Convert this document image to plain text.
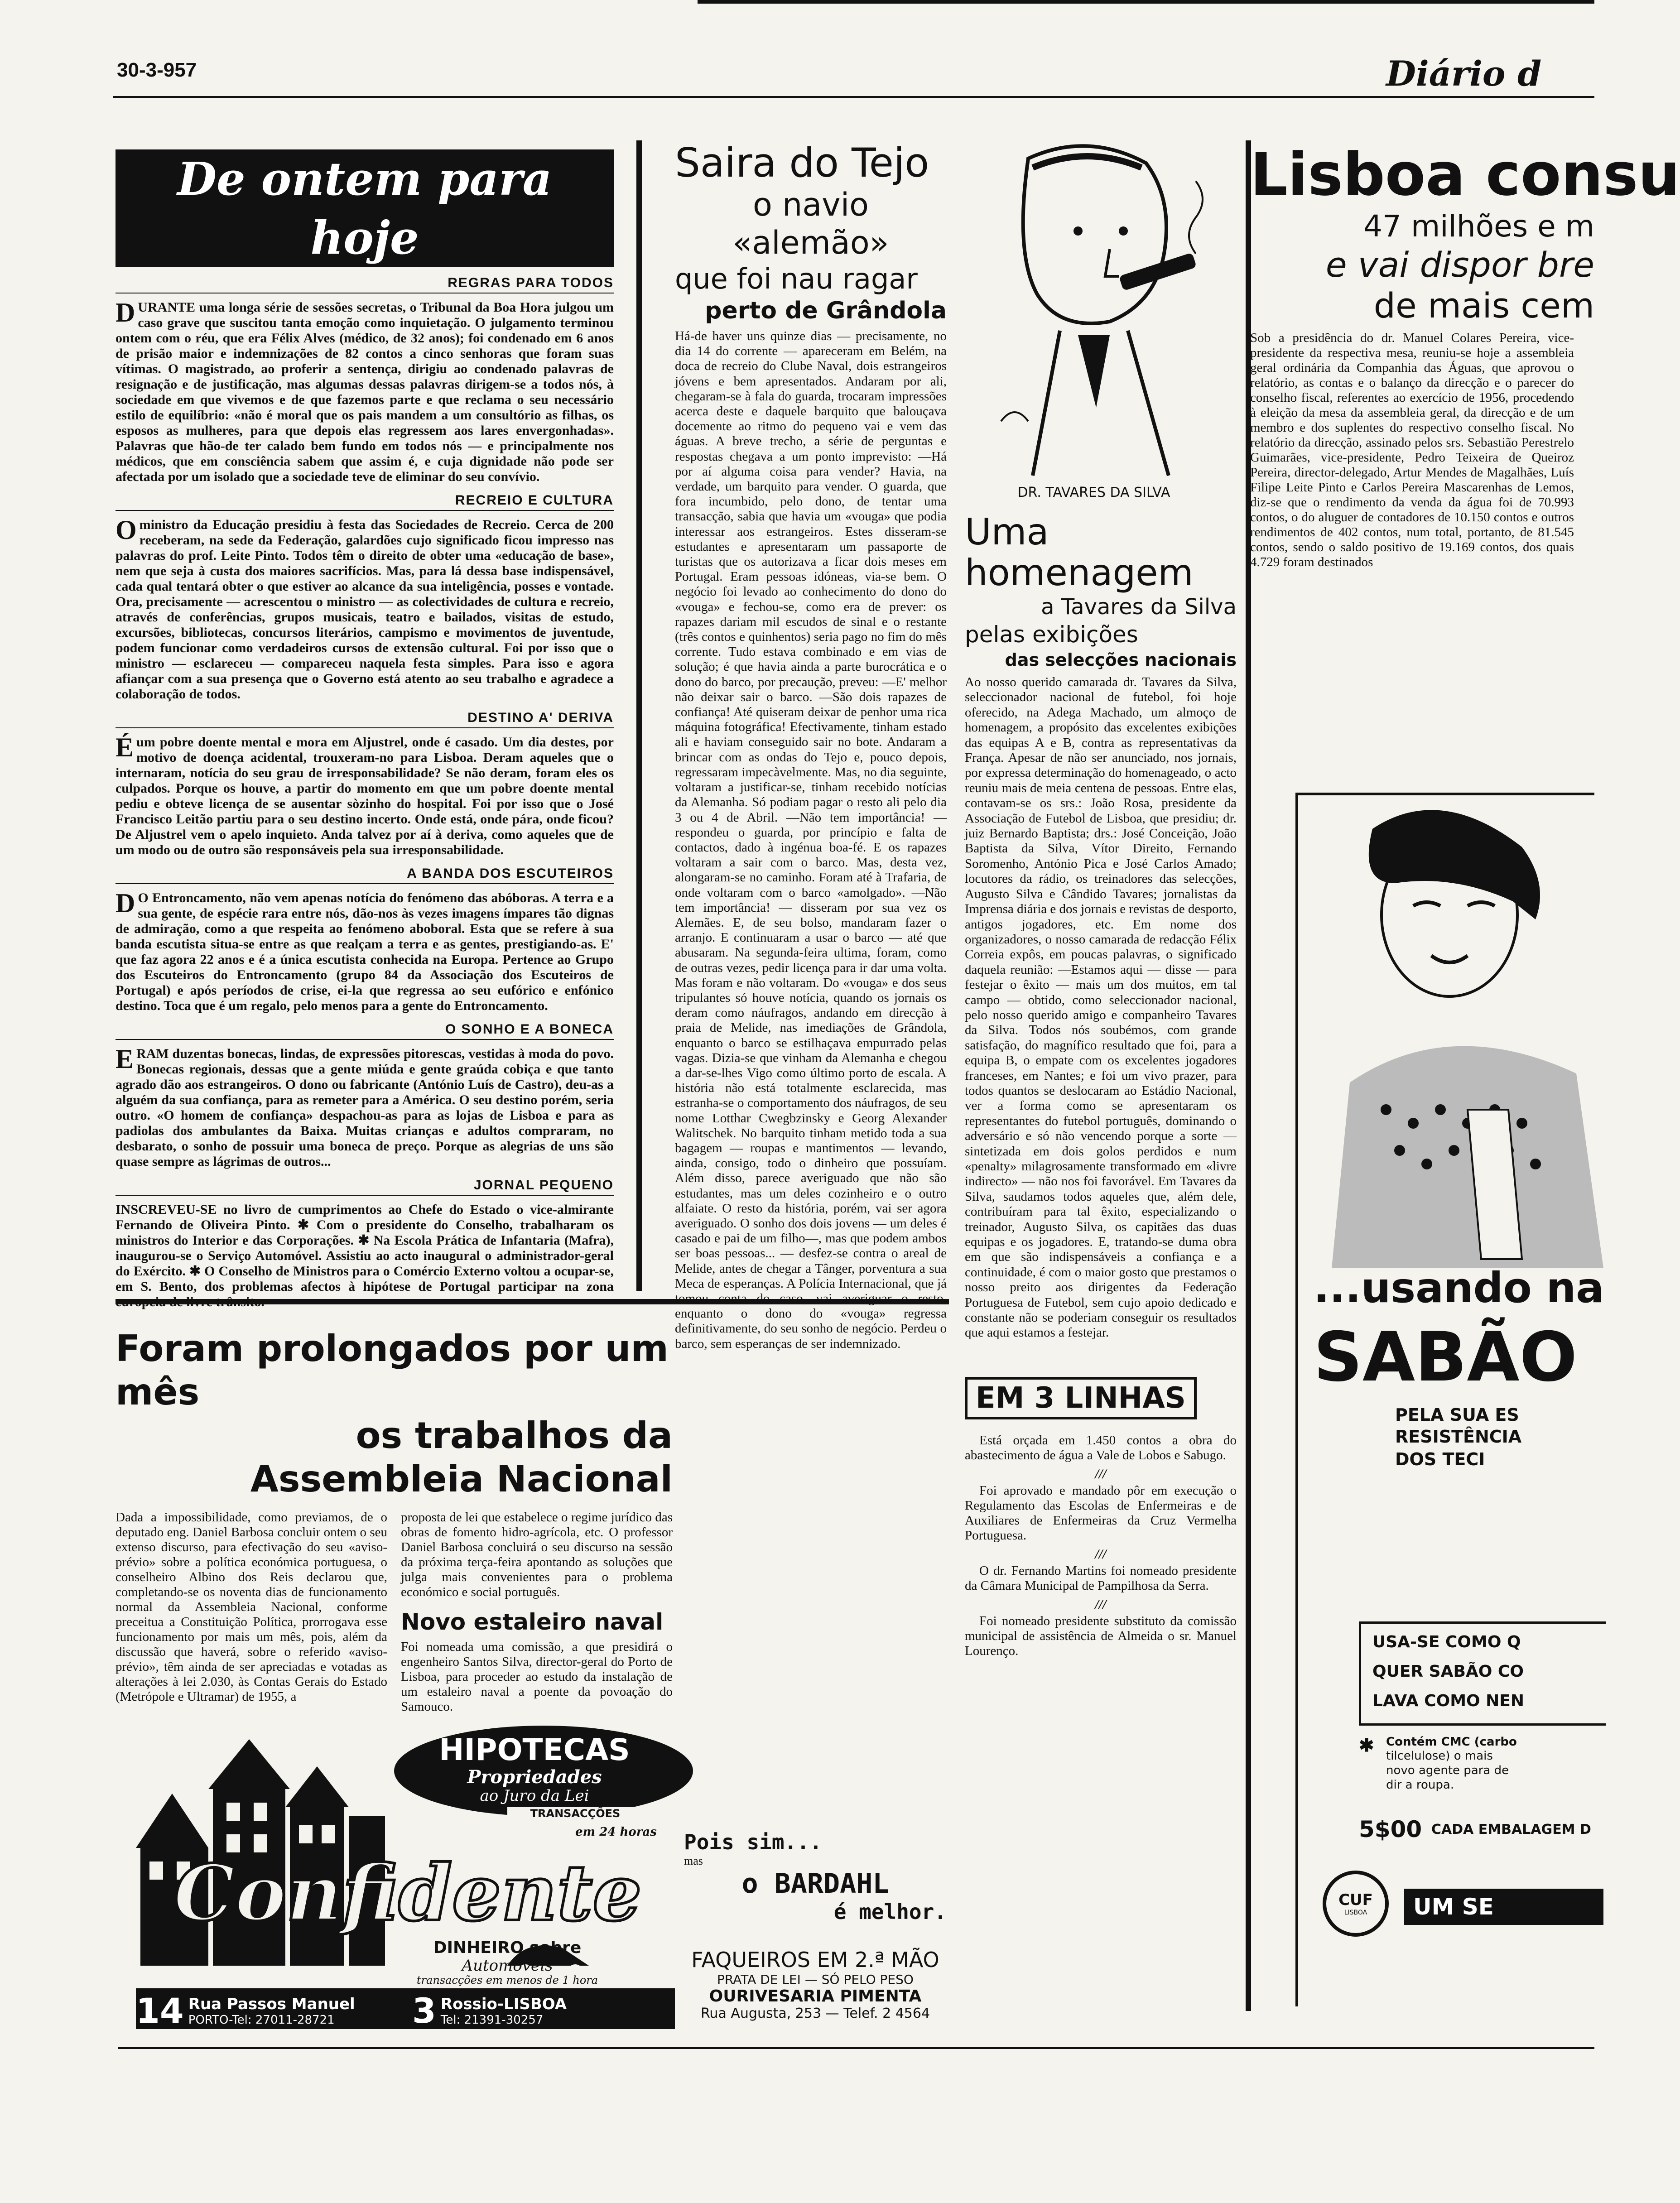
30-3-957	Diário d
De ontem para hoje
REGRAS PARA TODOS

DURANTE uma longa série de sessões secretas, o Tribunal da Boa Hora julgou um caso grave que suscitou tanta emoção como inquietação. O julgamento terminou ontem com o réu, que era Félix Alves (médico, de 32 anos); foi condenado em 6 anos de prisão maior e indemnizações de 82 contos a cinco senhoras que foram suas vítimas. O magistrado, ao proferir a sentença, dirigiu ao condenado palavras de resignação e de justificação, mas algumas dessas palavras dirigem-se a todos nós, à sociedade em que vivemos e de que fazemos parte e que reclama o seu necessário estilo de equilíbrio: «não é moral que os pais mandem a um consultório as filhas, os esposos as mulheres, para que depois elas regressem aos lares envergonhadas». Palavras que hão-de ter calado bem fundo em todos nós — e principalmente nos médicos, que em consciência sabem que assim é, e cuja dignidade não pode ser afectada por um isolado que a sociedade teve de eliminar do seu convívio.

RECREIO E CULTURA

Oministro da Educação presidiu à festa das Sociedades de Recreio. Cerca de 200 receberam, na sede da Federação, galardões cujo significado ficou impresso nas palavras do prof. Leite Pinto. Todos têm o direito de obter uma «educação de base», nem que seja à custa dos maiores sacrifícios. Mas, para lá dessa base indispensável, cada qual tentará obter o que estiver ao alcance da sua inteligência, posses e vontade. Ora, precisamente — acrescentou o ministro — as colectividades de cultura e recreio, através de conferências, grupos musicais, teatro e bailados, visitas de estudo, excursões, bibliotecas, concursos literários, campismo e movimentos de juventude, podem funcionar como verdadeiros cursos de extensão cultural. Foi por isso que o ministro — esclareceu — compareceu naquela festa simples. Para isso e agora afiançar com a sua presença que o Governo está atento ao seu trabalho e agradece a colaboração de todos.

DESTINO A' DERIVA

Éum pobre doente mental e mora em Aljustrel, onde é casado. Um dia destes, por motivo de doença acidental, trouxeram-no para Lisboa. Deram aqueles que o internaram, notícia do seu grau de irresponsabilidade? Se não deram, foram eles os culpados. Porque os houve, a partir do momento em que um pobre doente mental pediu e obteve licença de se ausentar sòzinho do hospital. Foi por isso que o José Francisco Leitão partiu para o seu destino incerto. Onde está, onde pára, onde ficou? De Aljustrel vem o apelo inquieto. Anda talvez por aí à deriva, como aqueles que de um modo ou de outro são responsáveis pela sua irresponsabilidade.

A BANDA DOS ESCUTEIROS

DO Entroncamento, não vem apenas notícia do fenómeno das abóboras. A terra e a sua gente, de espécie rara entre nós, dão-nos às vezes imagens ímpares tão dignas de admiração, como a que respeita ao fenómeno aboboral. Esta que se refere à sua banda escutista situa-se entre as que realçam a terra e as gentes, prestigiando-as. E' que faz agora 22 anos e é a única escutista conhecida na Europa. Pertence ao Grupo dos Escuteiros do Entroncamento (grupo 84 da Associação dos Escuteiros de Portugal) e após períodos de crise, ei-la que regressa ao seu eufórico e enfónico destino. Toca que é um regalo, pelo menos para a gente do Entroncamento.

O SONHO E A BONECA

ERAM duzentas bonecas, lindas, de expressões pitorescas, vestidas à moda do povo. Bonecas regionais, dessas que a gente miúda e gente graúda cobiça e que tanto agrado dão aos estrangeiros. O dono ou fabricante (António Luís de Castro), deu-as a alguém da sua confiança, para as remeter para a América. O seu destino porém, seria outro. «O homem de confiança» despachou-as para as lojas de Lisboa e para as padiolas dos ambulantes da Baixa. Muitas crianças e adultos compraram, no desbarato, o sonho de possuir uma boneca de preço. Porque as alegrias de uns são quase sempre as lágrimas de outros...

JORNAL PEQUENO

INSCREVEU-SE no livro de cumprimentos ao Chefe do Estado o vice-almirante Fernando de Oliveira Pinto. ✱ Com o presidente do Conselho, trabalharam os ministros do Interior e das Corporações. ✱ Na Escola Prática de Infantaria (Mafra), inaugurou-se o Serviço Automóvel. Assistiu ao acto inaugural o administrador-geral do Exército. ✱ O Conselho de Ministros para o Comércio Externo voltou a ocupar-se, em S. Bento, dos problemas afectos à hipótese de Portugal participar na zona

Foram prolongados por um mês
os trabalhos da Assembleia Nacional
Dada a impossibilidade, como previamos, de o deputado eng. Daniel Barbosa concluir ontem o seu extenso discurso, para efectivação do seu «aviso-prévio» sobre a política económica portuguesa, o conselheiro Albino dos Reis declarou que, completando-se os noventa dias de funcionamento normal da Assembleia Nacional, conforme preceitua a Constituição Política, prorrogava esse funcionamento por mais um mês, pois, além da discussão que haverá, sobre o referido «aviso-prévio», têm ainda de ser apreciadas e votadas as alterações à lei 2.030, às Contas Gerais do Estado (Metrópole e Ultramar) de 1955, a
proposta de lei que estabelece o regime jurídico das obras de fomento hidro-agrícola, etc. O professor Daniel Barbosa concluirá o seu discurso na sessão da próxima terça-feira apontando as soluções que julga mais convenientes para o problema económico e social português.
Novo estaleiro naval
Foi nomeada uma comissão, a que presidirá o engenheiro Santos Silva, director-geral do Porto de Lisboa, para proceder ao estudo da instalação de um estaleiro naval a poente da povoação do Samouco.
HIPOTECAS
Propriedades
ao Juro da Lei
TRANSACÇÕES
em 24 horas
Confidente
DINHEIRO sobre
Automóveis
transacções em menos de 1 hora
14 Rua Passos Manuel
PORTO-Tel: 27011-28721	3 Rossio-LISBOA
Tel: 21391-30257
Saira do Tejo
o navio «alemão»
que foi nau ragar
perto de Grândola
Há-de haver uns quinze dias — precisamente, no dia 14 do corrente — apareceram em Belém, na doca de recreio do Clube Naval, dois estrangeiros jóvens e bem apresentados. Andaram por ali, chegaram-se à fala do guarda, trocaram impressões acerca deste e daquele barquito que balouçava docemente ao ritmo do pequeno vai e vem das águas. A breve trecho, a série de perguntas e respostas chegava a um ponto imprevisto: —Há por aí alguma coisa para vender? Havia, na verdade, um barquito para vender. O guarda, que fora incumbido, pelo dono, de tentar uma transacção, sabia que havia um «vouga» que podia interessar aos estrangeiros. Estes disseram-se estudantes e apresentaram um passaporte de turistas que os autorizava a ficar dois meses em Portugal. Eram pessoas idóneas, via-se bem. O negócio foi levado ao conhecimento do dono do «vouga» e fechou-se, como era de prever: os rapazes dariam mil escudos de sinal e o restante (três contos e quinhentos) seria pago no fim do mês corrente. Tudo estava combinado e em vias de solução; é que havia ainda a parte burocrática e o dono do barco, por precaução, preveu: —E' melhor não deixar sair o barco. —São dois rapazes de confiança! Até quiseram deixar de penhor uma rica máquina fotográfica! Efectivamente, tinham estado ali e haviam conseguido sair no bote. Andaram a brincar com as ondas do Tejo e, pouco depois, regressaram impecàvelmente. Mas, no dia seguinte, voltaram a justificar-se, tinham recebido notícias da Alemanha. Só podiam pagar o resto ali pelo dia 3 ou 4 de Abril. —Não tem importância! — respondeu o guarda, por princípio e falta de contactos, dado à ingénua boa-fé. E os rapazes voltaram a sair com o barco. Mas, desta vez, alongaram-se no caminho. Foram até à Trafaria, de onde voltaram com o barco «amolgado». —Não tem importância! — disseram por sua vez os Alemães. E, de seu bolso, mandaram fazer o arranjo. E continuaram a usar o barco — até que abusaram. Na segunda-feira ultima, foram, como de outras vezes, pedir licença para ir dar uma volta. Mas foram e não voltaram. Do «vouga» e dos seus tripulantes só houve notícia, quando os jornais os deram como náufragos, andando em direcção à praia de Melide, nas imediações de Grândola, enquanto o barco se estilhaçava empurrado pelas vagas. Dizia-se que vinham da Alemanha e chegou a dar-se-lhes Vigo como último porto de escala. A história não está totalmente esclarecida, mas estranha-se o comportamento dos náufragos, de seu nome Lotthar Cwegbzinsky e Georg Alexander Walitschek. No barquito tinham metido toda a sua bagagem — roupas e mantimentos — levando, ainda, consigo, todo o dinheiro que possuíam. Além disso, parece averiguado que não são estudantes, mas um deles cozinheiro e o outro alfaiate. O resto da história, porém, vai ser agora averiguado. O sonho dos dois jovens — um deles é casado e pai de um filho—, mas que podem ambos ser boas pessoas... — desfez-se contra o areal de Melide, antes de chegar a Tânger, porventura a sua Meca de esperanças. A Polícia Internacional, que já tomou conta do caso, vai averiguar o resto, enquanto o dono do «vouga» regressa definitivamente, do seu sonho de negócio. Perdeu o barco, sem esperanças de ser indemnizado.
Pois sim...
mas
o BARDAHL
é melhor.
FAQUEIROS EM 2.ª MÃO
PRATA DE LEI — SÓ PELO PESO
OURIVESARIA PIMENTA
Rua Augusta, 253 — Telef. 2 4564
DR. TAVARES DA SILVA
Uma homenagem
a Tavares da Silva
pelas exibições
das selecções nacionais
Ao nosso querido camarada dr. Tavares da Silva, seleccionador nacional de futebol, foi hoje oferecido, na Adega Machado, um almoço de homenagem, a propósito das excelentes exibições das equipas A e B, contra as representativas da França. Apesar de não ser anunciado, nos jornais, por expressa determinação do homenageado, o acto reuniu mais de meia centena de pessoas. Entre elas, contavam-se os srs.: João Rosa, presidente da Associação de Futebol de Lisboa, que presidiu; dr. juiz Bernardo Baptista; drs.: José Conceição, João Baptista da Silva, Vítor Direito, Fernando Soromenho, António Pica e José Carlos Amado; locutores da rádio, os treinadores das selecções, Augusto Silva e Cândido Tavares; jornalistas da Imprensa diária e dos jornais e revistas de desporto, antigos jogadores, etc. Em nome dos organizadores, o nosso camarada de redacção Félix Correia expôs, em poucas palavras, o significado daquela reunião: —Estamos aqui — disse — para festejar o êxito — mais um dos muitos, em tal campo — obtido, como seleccionador nacional, pelo nosso querido amigo e companheiro Tavares da Silva. Todos nós soubémos, com grande satisfação, do magnífico resultado que foi, para a equipa B, o empate com os excelentes jogadores franceses, em Nantes; e foi um vivo prazer, para todos quantos se deslocaram ao Estádio Nacional, ver a forma como se apresentaram os representantes do futebol português, dominando o adversário e só não vencendo porque a sorte — sintetizada em dois golos perdidos e num «penalty» milagrosamente transformado em «livre indirecto» — não nos foi favorável. Em Tavares da Silva, saudamos todos aqueles que, além dele, contribuíram para tal êxito, especializando o treinador, Augusto Silva, os capitães das duas equipas e os jogadores. E, tratando-se duma obra em que são indispensáveis a confiança e a continuidade, é com o maior gosto que prestamos o nosso preito aos dirigentes da Federação Portuguesa de Futebol, sem cujo apoio dedicado e constante não se poderiam conseguir os resultados que aqui estamos a festejar.
EM 3 LINHAS

Está orçada em 1.450 contos a obra do abastecimento de água a Vale de Lobos e Sabugo.

///

Foi aprovado e mandado pôr em execução o Regulamento das Escolas de Enfermeiras e de Auxiliares de Enfermeiras da Cruz Vermelha Portuguesa.

///

O dr. Fernando Martins foi nomeado presidente da Câmara Municipal de Pampilhosa da Serra.

///

Foi nomeado presidente substituto da comissão municipal de assistência de Almeida o sr. Manuel Lourenço.

Lisboa consu
47 milhões e m
e vai dispor bre
de mais cem
Sob a presidência do dr. Manuel Colares Pereira, vice-presidente da respectiva mesa, reuniu-se hoje a assembleia geral ordinária da Companhia das Águas, que aprovou o relatório, as contas e o balanço da direcção e o parecer do conselho fiscal, referentes ao exercício de 1956, procedendo à eleição da mesa da assembleia geral, da direcção e de um membro e dos suplentes do respectivo conselho fiscal. No relatório da direcção, assinado pelos srs. Sebastião Perestrelo Guimarães, vice-presidente, Pedro Teixeira de Queiroz Pereira, director-delegado, Artur Mendes de Magalhães, Luís Filipe Leite Pinto e Carlos Pereira Mascarenhas de Lemos, diz-se que o rendimento da venda da água foi de 70.993 contos, o do aluguer de contadores de 10.150 contos e outros rendimentos de 402 contos, num total, portanto, de 81.545 contos, sendo o saldo positivo de 19.169 contos, dos quais 4.729 foram destinados
...usando na
SABÃO
PELA SUA ES
RESISTÊNCIA
DOS TECI
USA-SE COMO Q
QUER SABÃO CO
LAVA COMO NEN
✱ Contém CMC (carbo
tilcelulose) o mais
novo agente para de
dir a roupa.
5$00 CADA EMBALAGEM D
CUF
LISBOA	UM SE
